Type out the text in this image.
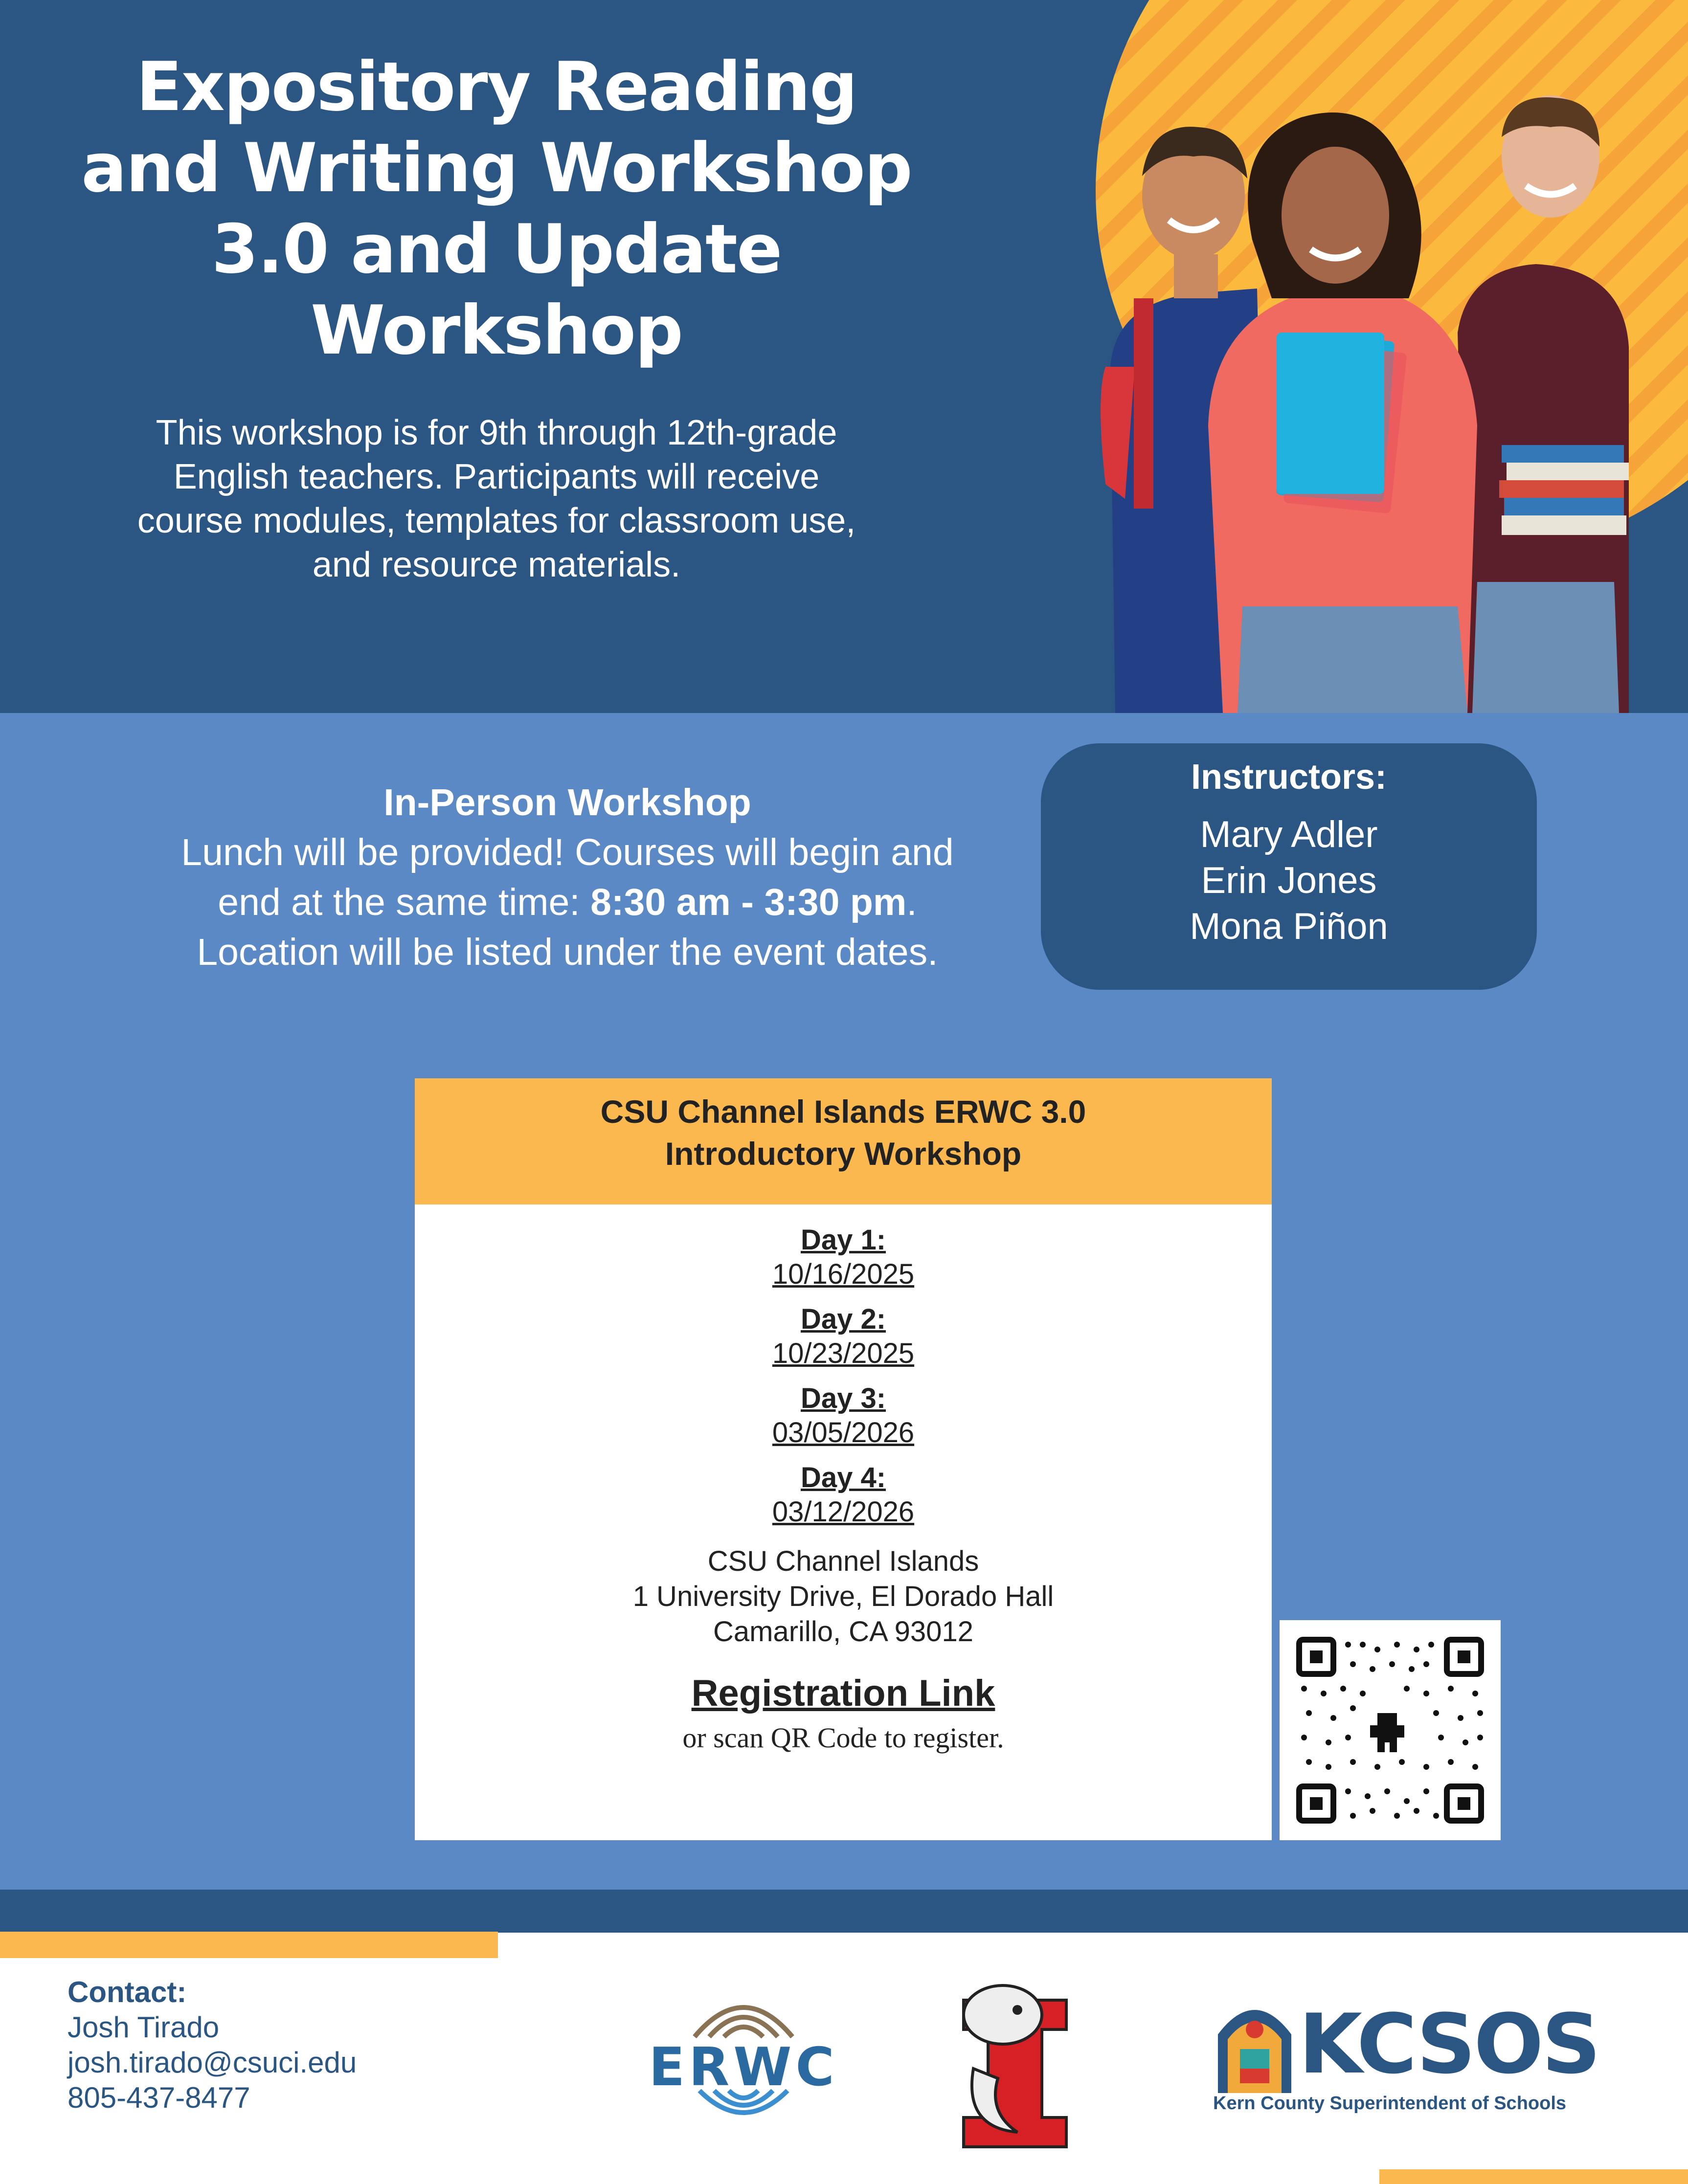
Expository Reading
and Writing Workshop
3.0 and Update
Workshop
This workshop is for 9th through 12th-grade
English teachers. Participants will receive
course modules, templates for classroom use,
and resource materials.
In-Person Workshop
Lunch will be provided! Courses will begin and
end at the same time: 8:30 am - 3:30 pm.
Location will be listed under the event dates.
Instructors:
Mary Adler
Erin Jones
Mona Piñon
CSU Channel Islands ERWC 3.0
Introductory Workshop
Day 1:
10/16/2025
Day 2:
10/23/2025
Day 3:
03/05/2026
Day 4:
03/12/2026
CSU Channel Islands
1 University Drive, El Dorado Hall
Camarillo, CA 93012
Registration Link
or scan QR Code to register.
Contact:
Josh Tirado
josh.tirado@csuci.edu
805-437-8477	ERWC	KCSOS
Kern County Superintendent of Schools
